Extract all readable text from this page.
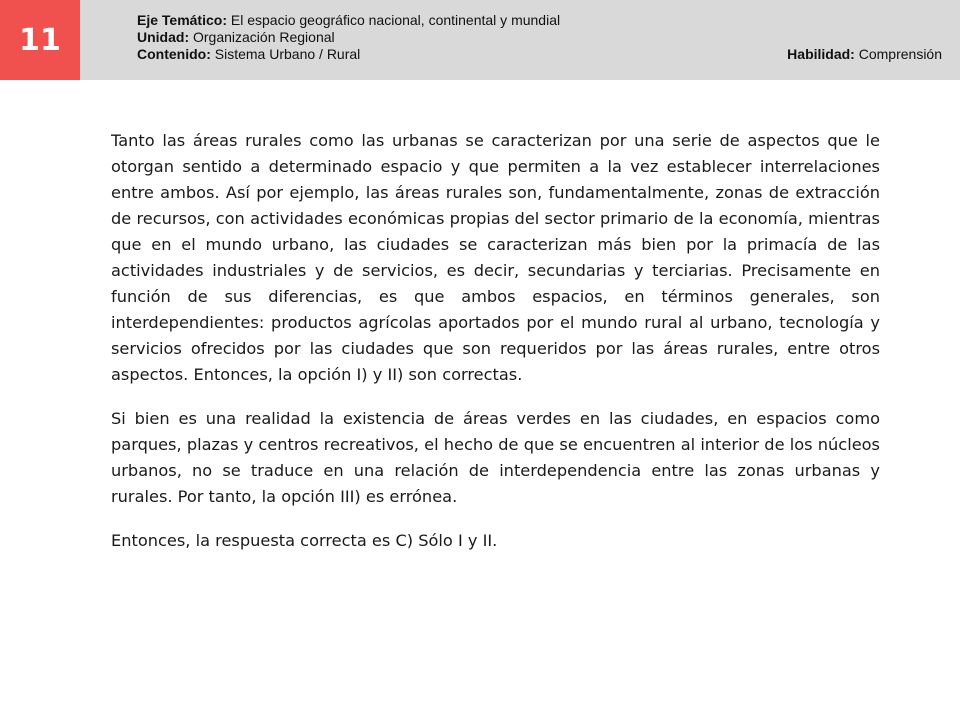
11
Eje Temático: El espacio geográfico nacional, continental y mundial
Unidad: Organización Regional
Contenido: Sistema Urbano / Rural	Habilidad: Comprensión

Tanto las áreas rurales como las urbanas se caracterizan por una serie de aspectos que le otorgan sentido a determinado espacio y que permiten a la vez establecer interrelaciones entre ambos. Así por ejemplo, las áreas rurales son, fundamentalmente, zonas de extracción de recursos, con actividades económicas propias del sector primario de la economía, mientras que en el mundo urbano, las ciudades se caracterizan más bien por la primacía de las actividades industriales y de servicios, es decir, secundarias y terciarias. Precisamente en función de sus diferencias, es que ambos espacios, en términos generales, son interdependientes: productos agrícolas aportados por el mundo rural al urbano, tecnología y servicios ofrecidos por las ciudades que son requeridos por las áreas rurales, entre otros aspectos. Entonces, la opción I) y II) son correctas.

Si bien es una realidad la existencia de áreas verdes en las ciudades, en espacios como parques, plazas y centros recreativos, el hecho de que se encuentren al interior de los núcleos urbanos, no se traduce en una relación de interdependencia entre las zonas urbanas y rurales. Por tanto, la opción III) es errónea.

Entonces, la respuesta correcta es C) Sólo I y II.
